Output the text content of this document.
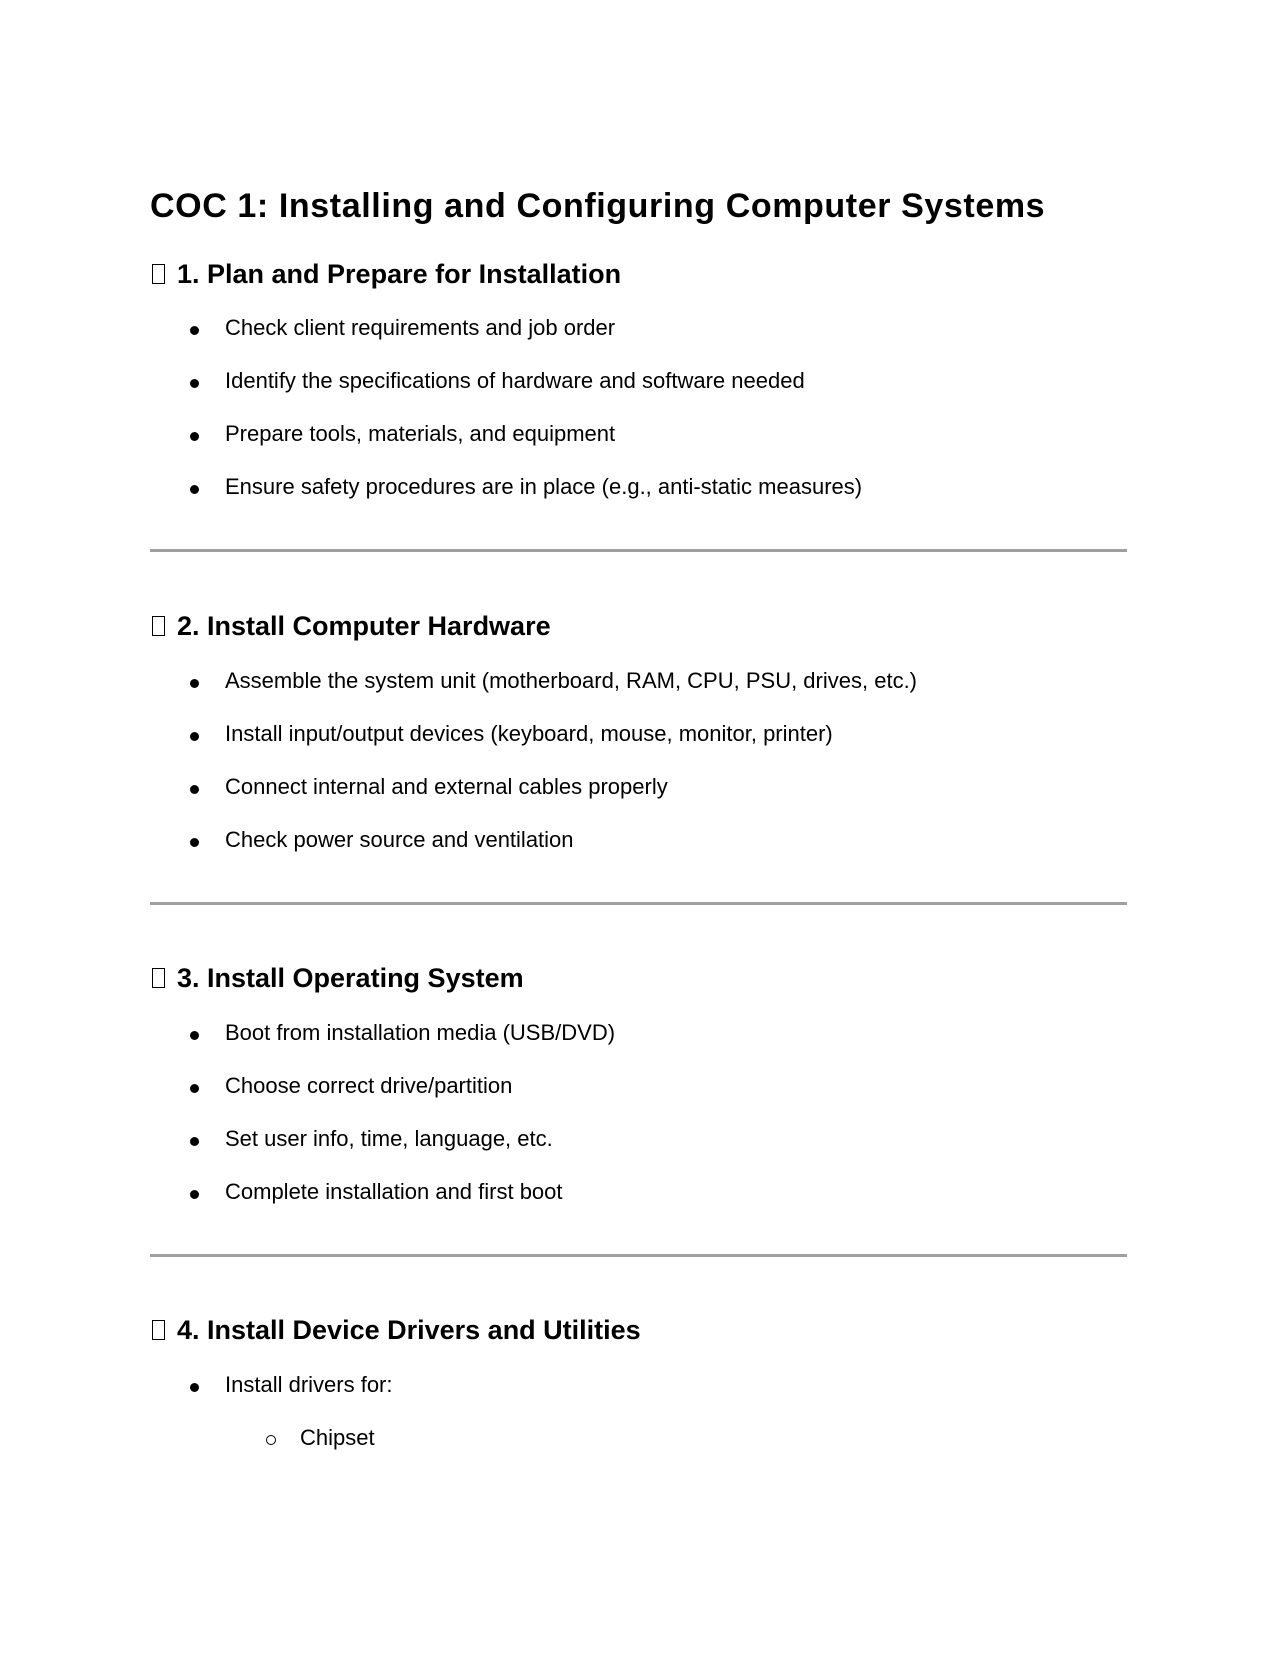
COC 1: Installing and Configuring Computer Systems
1. Plan and Prepare for Installation
Check client requirements and job order
Identify the specifications of hardware and software needed
Prepare tools, materials, and equipment
Ensure safety procedures are in place (e.g., anti-static measures)
2. Install Computer Hardware
Assemble the system unit (motherboard, RAM, CPU, PSU, drives, etc.)
Install input/output devices (keyboard, mouse, monitor, printer)
Connect internal and external cables properly
Check power source and ventilation
3. Install Operating System
Boot from installation media (USB/DVD)
Choose correct drive/partition
Set user info, time, language, etc.
Complete installation and first boot
4. Install Device Drivers and Utilities
Install drivers for:
Chipset
